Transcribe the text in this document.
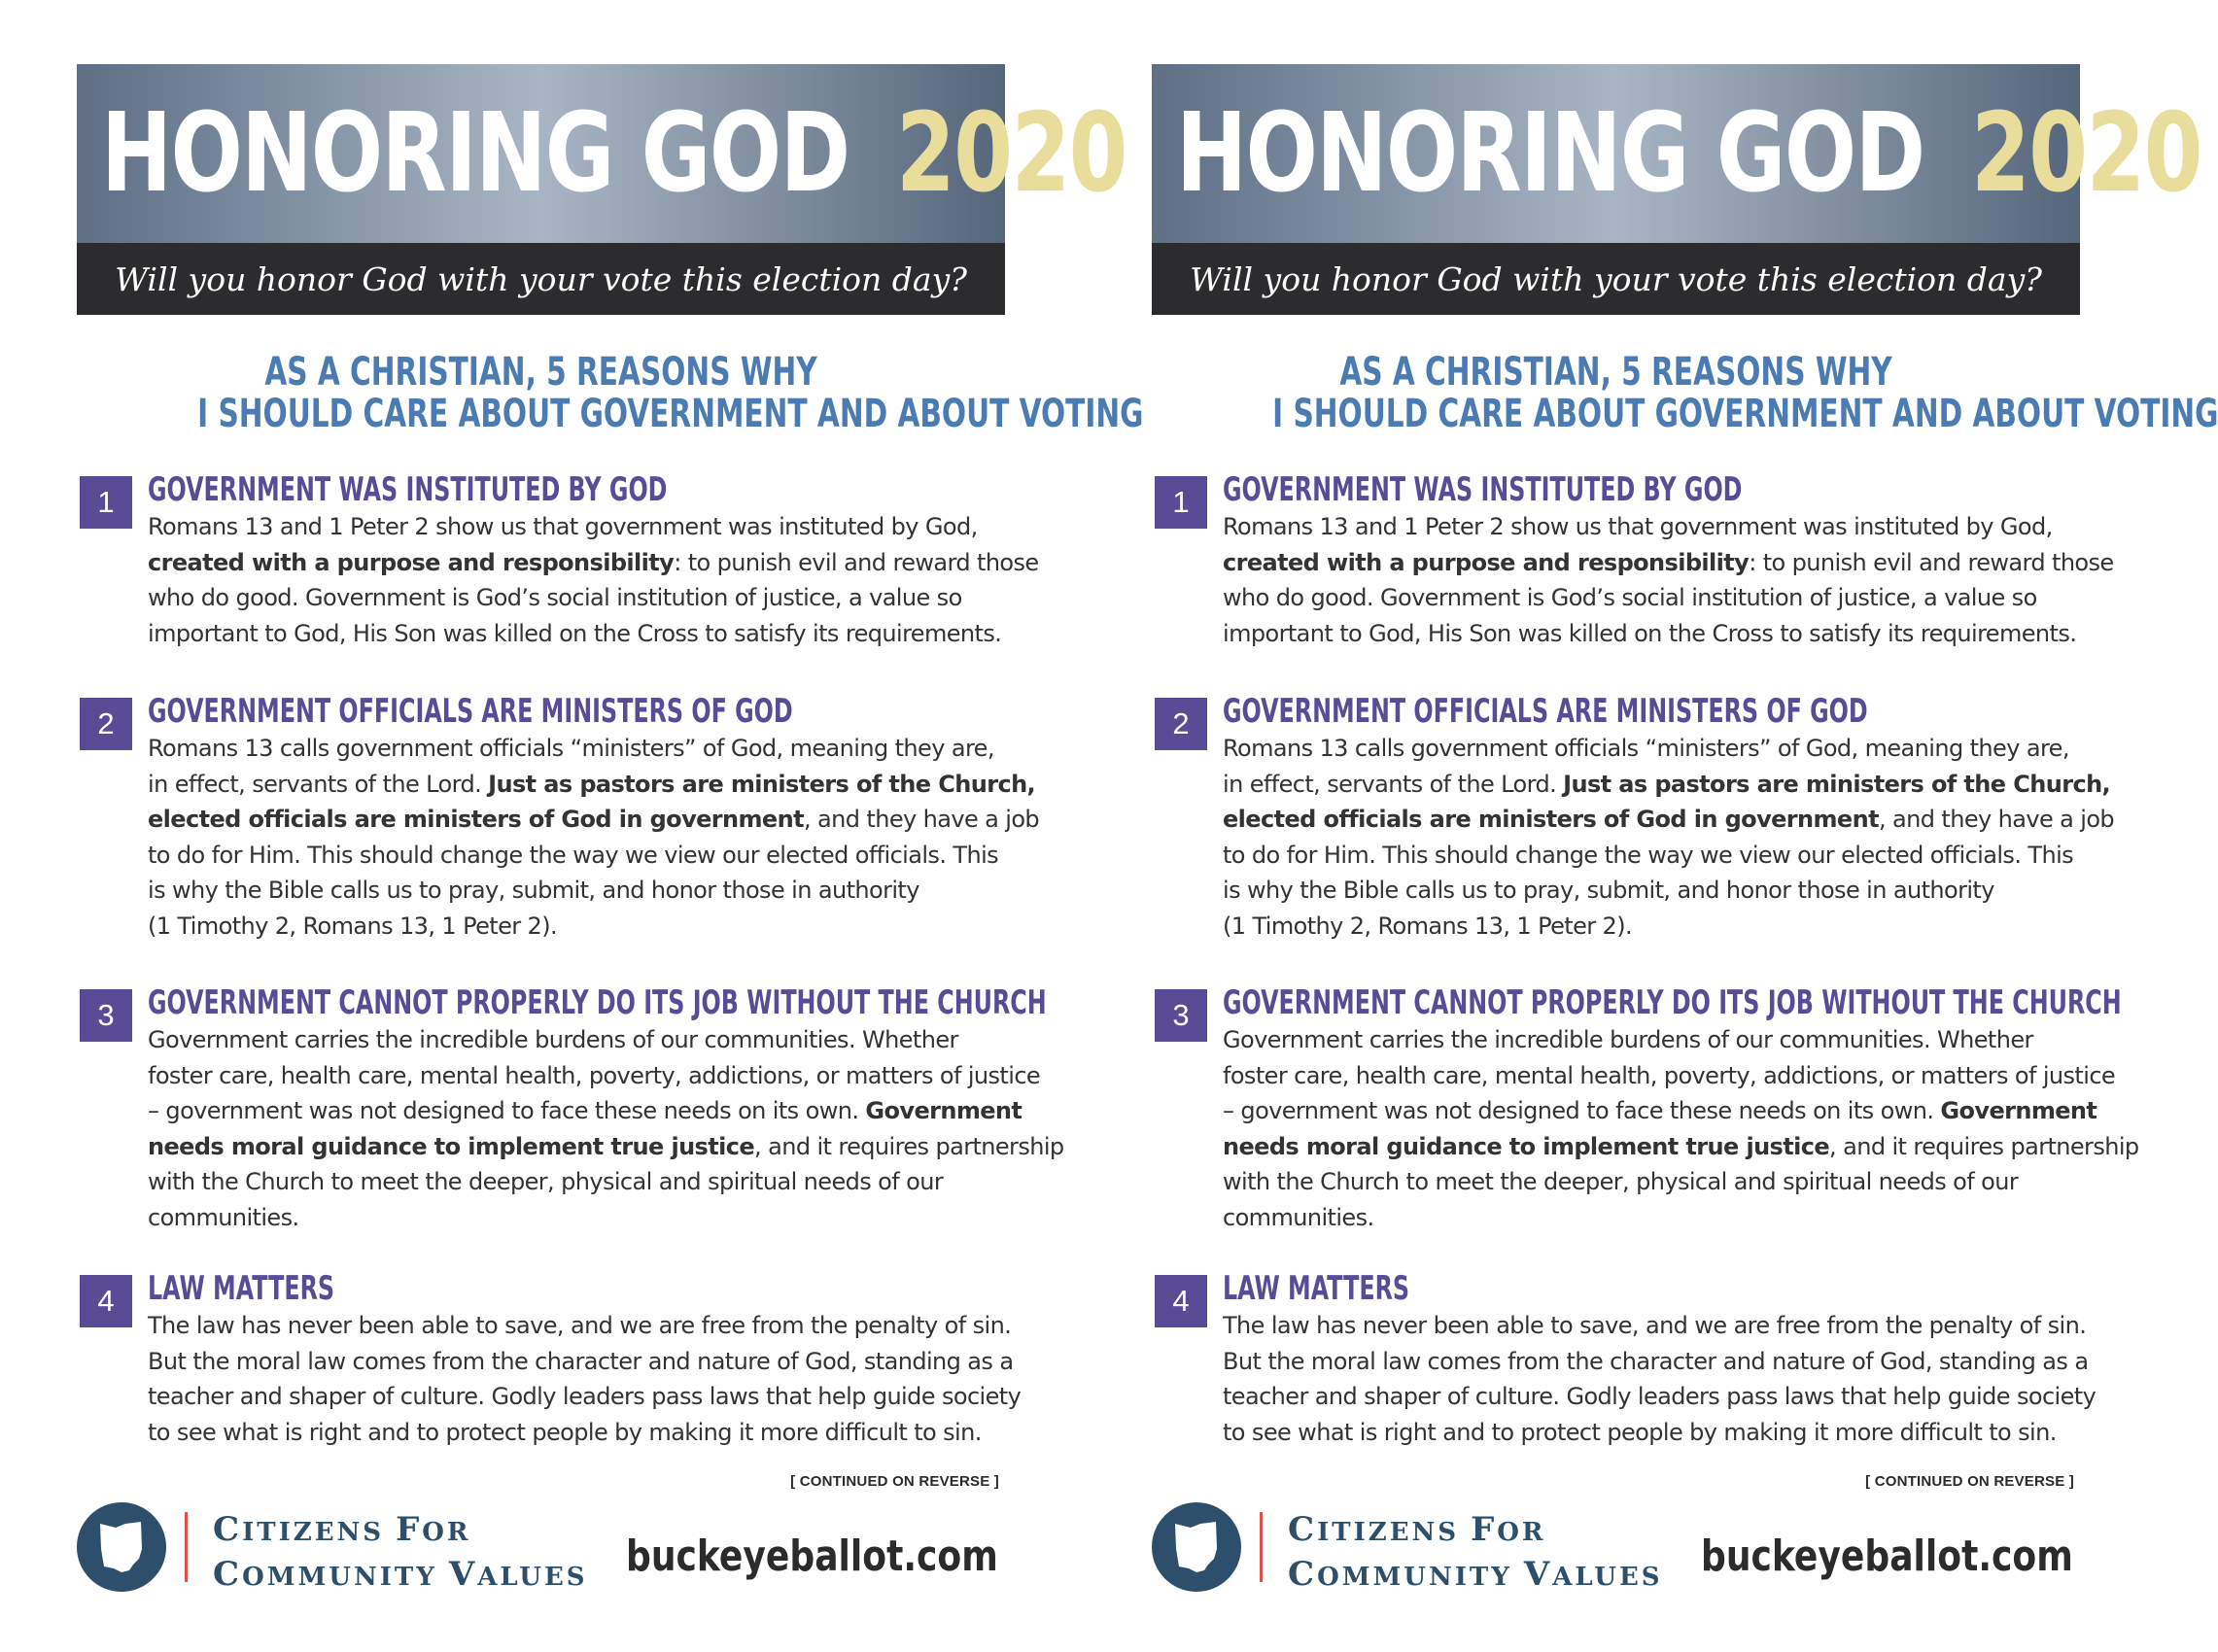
HONORING GOD 2020
Will you honor God with your vote this election day?
AS A CHRISTIAN, 5 REASONS WHY
I SHOULD CARE ABOUT GOVERNMENT AND ABOUT VOTING
1	GOVERNMENT WAS INSTITUTED BY GOD
Romans 13 and 1 Peter 2 show us that government was instituted by God,
created with a purpose and responsibility: to punish evil and reward those
who do good. Government is God’s social institution of justice, a value so
important to God, His Son was killed on the Cross to satisfy its requirements.
2	GOVERNMENT OFFICIALS ARE MINISTERS OF GOD
Romans 13 calls government officials “ministers” of God, meaning they are,
in effect, servants of the Lord. Just as pastors are ministers of the Church,
elected officials are ministers of God in government, and they have a job
to do for Him. This should change the way we view our elected officials. This
is why the Bible calls us to pray, submit, and honor those in authority
(1 Timothy 2, Romans 13, 1 Peter 2).
3	GOVERNMENT CANNOT PROPERLY DO ITS JOB WITHOUT THE CHURCH
Government carries the incredible burdens of our communities. Whether
foster care, health care, mental health, poverty, addictions, or matters of justice
– government was not designed to face these needs on its own. Government
needs moral guidance to implement true justice, and it requires partnership
with the Church to meet the deeper, physical and spiritual needs of our
communities.
4	LAW MATTERS
The law has never been able to save, and we are free from the penalty of sin.
But the moral law comes from the character and nature of God, standing as a
teacher and shaper of culture. Godly leaders pass laws that help guide society
to see what is right and to protect people by making it more difficult to sin.
[ CONTINUED ON REVERSE ]
CITIZENS FOR
COMMUNITY VALUES buckeyeballot.com
HONORING GOD 2020
Will you honor God with your vote this election day?
AS A CHRISTIAN, 5 REASONS WHY
I SHOULD CARE ABOUT GOVERNMENT AND ABOUT VOTING
1	GOVERNMENT WAS INSTITUTED BY GOD
Romans 13 and 1 Peter 2 show us that government was instituted by God,
created with a purpose and responsibility: to punish evil and reward those
who do good. Government is God’s social institution of justice, a value so
important to God, His Son was killed on the Cross to satisfy its requirements.
2	GOVERNMENT OFFICIALS ARE MINISTERS OF GOD
Romans 13 calls government officials “ministers” of God, meaning they are,
in effect, servants of the Lord. Just as pastors are ministers of the Church,
elected officials are ministers of God in government, and they have a job
to do for Him. This should change the way we view our elected officials. This
is why the Bible calls us to pray, submit, and honor those in authority
(1 Timothy 2, Romans 13, 1 Peter 2).
3	GOVERNMENT CANNOT PROPERLY DO ITS JOB WITHOUT THE CHURCH
Government carries the incredible burdens of our communities. Whether
foster care, health care, mental health, poverty, addictions, or matters of justice
– government was not designed to face these needs on its own. Government
needs moral guidance to implement true justice, and it requires partnership
with the Church to meet the deeper, physical and spiritual needs of our
communities.
4	LAW MATTERS
The law has never been able to save, and we are free from the penalty of sin.
But the moral law comes from the character and nature of God, standing as a
teacher and shaper of culture. Godly leaders pass laws that help guide society
to see what is right and to protect people by making it more difficult to sin.
[ CONTINUED ON REVERSE ]
CITIZENS FOR
COMMUNITY VALUES buckeyeballot.com
